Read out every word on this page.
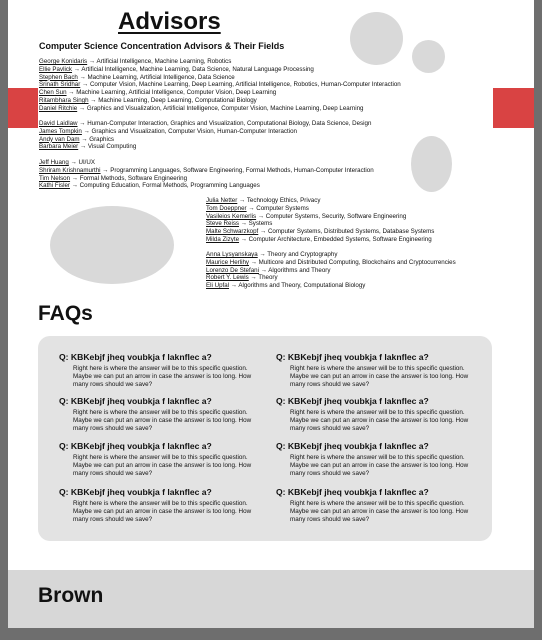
Advisors
Computer Science Concentration Advisors & Their Fields
George Konidaris → Artificial Intelligence, Machine Learning, Robotics
Ellie Pavlick → Artificial Intelligence, Machine Learning, Data Science, Natural Language Processing
Stephen Bach → Machine Learning, Artificial Intelligence, Data Science
Srinath Sridhar → Computer Vision, Machine Learning, Deep Learning, Artificial Intelligence, Robotics, Human-Computer Interaction
Chen Sun → Machine Learning, Artificial Intelligence, Computer Vision, Deep Learning
Ritambhara Singh → Machine Learning, Deep Learning, Computational Biology
Daniel Ritchie → Graphics and Visualization, Artificial Intelligence, Computer Vision, Machine Learning, Deep Learning
David Laidlaw → Human-Computer Interaction, Graphics and Visualization, Computational Biology, Data Science, Design
James Tompkin → Graphics and Visualization, Computer Vision, Human-Computer Interaction
Andy van Dam → Graphics
Barbara Meier → Visual Computing
Jeff Huang → UI/UX
Shriram Krishnamurthi → Programming Languages, Software Engineering, Formal Methods, Human-Computer Interaction
Tim Nelson → Formal Methods, Software Engineering
Kathi Fisler → Computing Education, Formal Methods, Programming Languages
Julia Netter → Technology Ethics, Privacy
Tom Doeppner → Computer Systems
Vasileios Kemerlis → Computer Systems, Security, Software Engineering
Steve Reiss → Systems
Malte Schwarzkopf → Computer Systems, Distributed Systems, Database Systems
Milda Zizyte → Computer Architecture, Embedded Systems, Software Engineering
Anna Lysyanskaya → Theory and Cryptography
Maurice Herlihy → Multicore and Distributed Computing, Blockchains and Cryptocurrencies
Lorenzo De Stefani → Algorithms and Theory
Robert Y. Lewis → Theory
Eli Upfal → Algorithms and Theory, Computational Biology
FAQs
Q: KBKebjf jheq voubkja f laknflec a?
Right here is where the answer will be to this specific question. Maybe we can put an arrow in case the answer is too long. How many rows should we save?
Q: KBKebjf jheq voubkja f laknflec a?
Right here is where the answer will be to this specific question. Maybe we can put an arrow in case the answer is too long. How many rows should we save?
Q: KBKebjf jheq voubkja f laknflec a?
Right here is where the answer will be to this specific question. Maybe we can put an arrow in case the answer is too long. How many rows should we save?
Q: KBKebjf jheq voubkja f laknflec a?
Right here is where the answer will be to this specific question. Maybe we can put an arrow in case the answer is too long. How many rows should we save?
Q: KBKebjf jheq voubkja f laknflec a?
Right here is where the answer will be to this specific question. Maybe we can put an arrow in case the answer is too long. How many rows should we save?
Q: KBKebjf jheq voubkja f laknflec a?
Right here is where the answer will be to this specific question. Maybe we can put an arrow in case the answer is too long. How many rows should we save?
Q: KBKebjf jheq voubkja f laknflec a?
Right here is where the answer will be to this specific question. Maybe we can put an arrow in case the answer is too long. How many rows should we save?
Q: KBKebjf jheq voubkja f laknflec a?
Right here is where the answer will be to this specific question. Maybe we can put an arrow in case the answer is too long. How many rows should we save?
Brown
